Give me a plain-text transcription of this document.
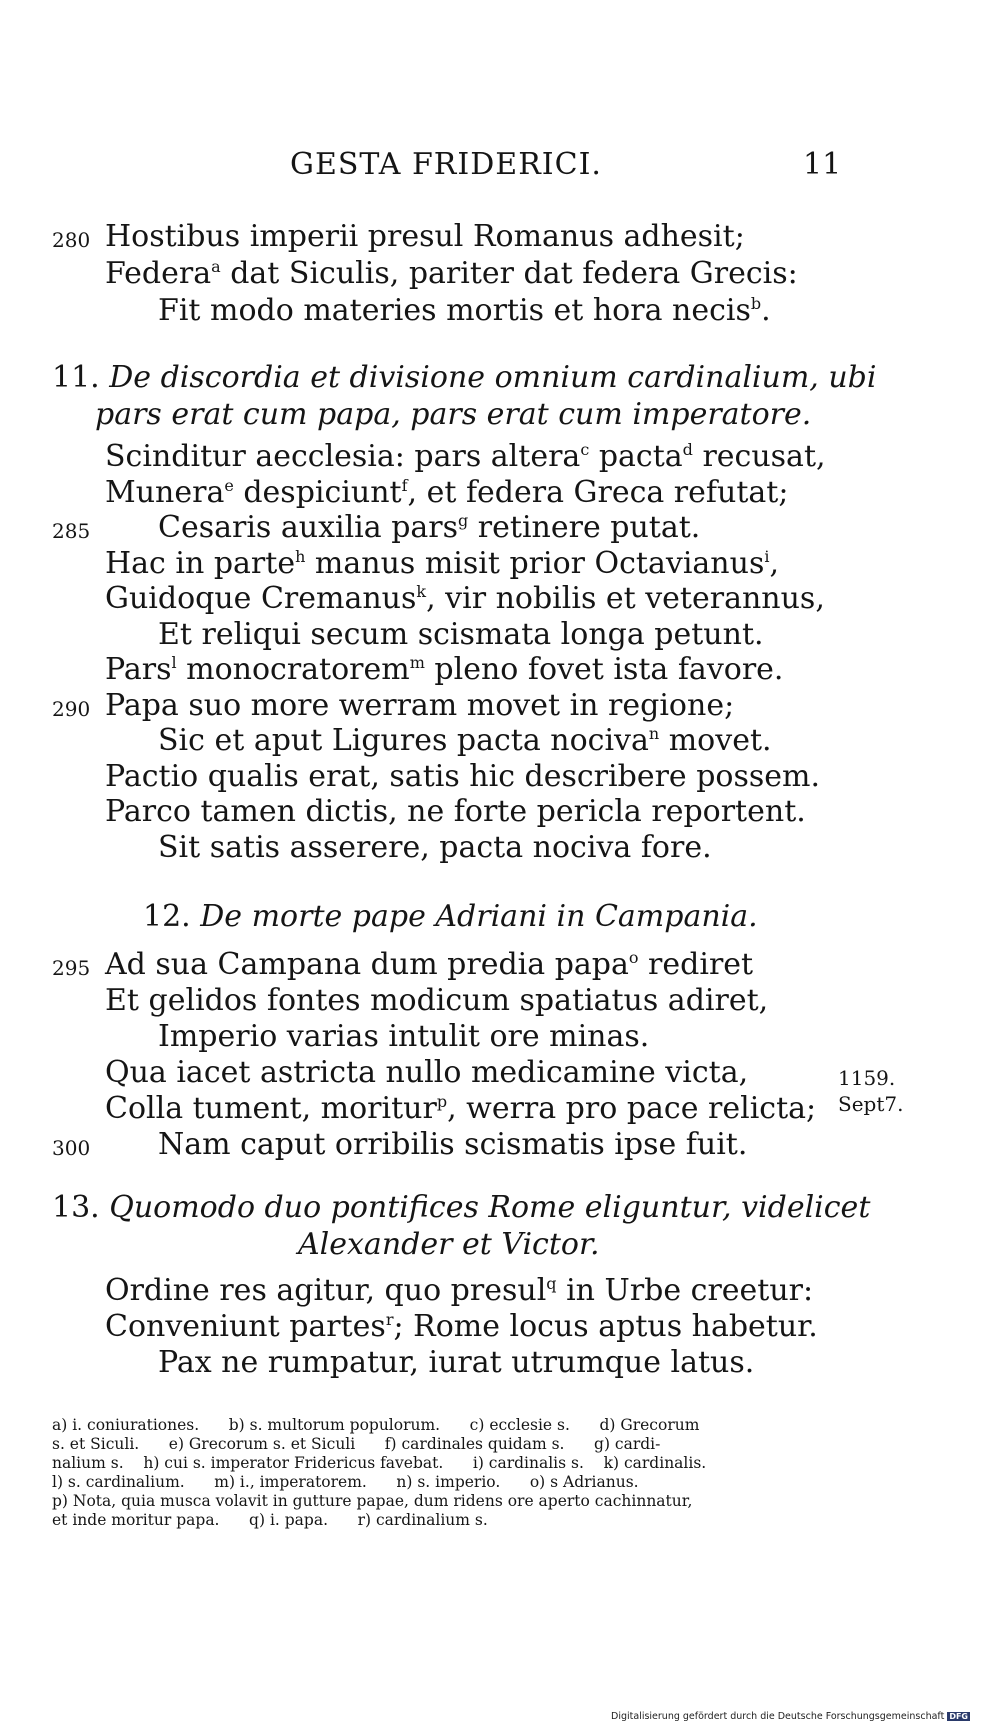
GESTA FRIDERICI.	11
280 Hostibus imperii presul Romanus adhesit;
Federa$^a$ dat Siculis, pariter dat federa Grecis:
Fit modo materies mortis et hora necis$^b$.
11. De discordia et divisione omnium cardinalium, ubi
pars erat cum papa, pars erat cum imperatore.
Scinditur aecclesia: pars altera$^c$ pacta$^d$ recusat,
Munera$^e$ despiciunt$^f$, et federa Greca refutat;
285 Cesaris auxilia pars$^g$ retinere putat.
Hac in parte$^h$ manus misit prior Octavianus$^i$,
Guidoque Cremanus$^k$, vir nobilis et veterannus,
Et reliqui secum scismata longa petunt.
Pars$^l$ monocratorem$^m$ pleno fovet ista favore.
290 Papa suo more werram movet in regione;
Sic et aput Ligures pacta nociva$^n$ movet.
Pactio qualis erat, satis hic describere possem.
Parco tamen dictis, ne forte pericla reportent.
Sit satis asserere, pacta nociva fore.
12. De morte pape Adriani in Campania.
295 Ad sua Campana dum predia papa$^o$ rediret
Et gelidos fontes modicum spatiatus adiret,
Imperio varias intulit ore minas.
Qua iacet astricta nullo medicamine victa,
Colla tument, moritur$^p$, werra pro pace relicta;
300 Nam caput orribilis scismatis ipse fuit.
13. Quomodo duo pontifices Rome eliguntur, videlicet
Alexander et Victor.
Ordine res agitur, quo presul$^q$ in Urbe creetur:
Conveniunt partes$^r$; Rome locus aptus habetur.
Pax ne rumpatur, iurat utrumque latus.
1159.
Sept7.
a) i. coniurationes.      b) s. multorum populorum.      c) ecclesie s.      d) Grecorum
s. et Siculi.      e) Grecorum s. et Siculi      f) cardinales quidam s.      g) cardi-
nalium s.    h) cui s. imperator Fridericus favebat.      i) cardinalis s.    k) cardinalis.
l) s. cardinalium.      m) i., imperatorem.      n) s. imperio.      o) s Adrianus.
p) Nota, quia musca volavit in gutture papae, dum ridens ore aperto cachinnatur,
et inde moritur papa.      q) i. papa.      r) cardinalium s.
Digitalisierung gefördert durch die Deutsche Forschungsgemeinschaft DFG
